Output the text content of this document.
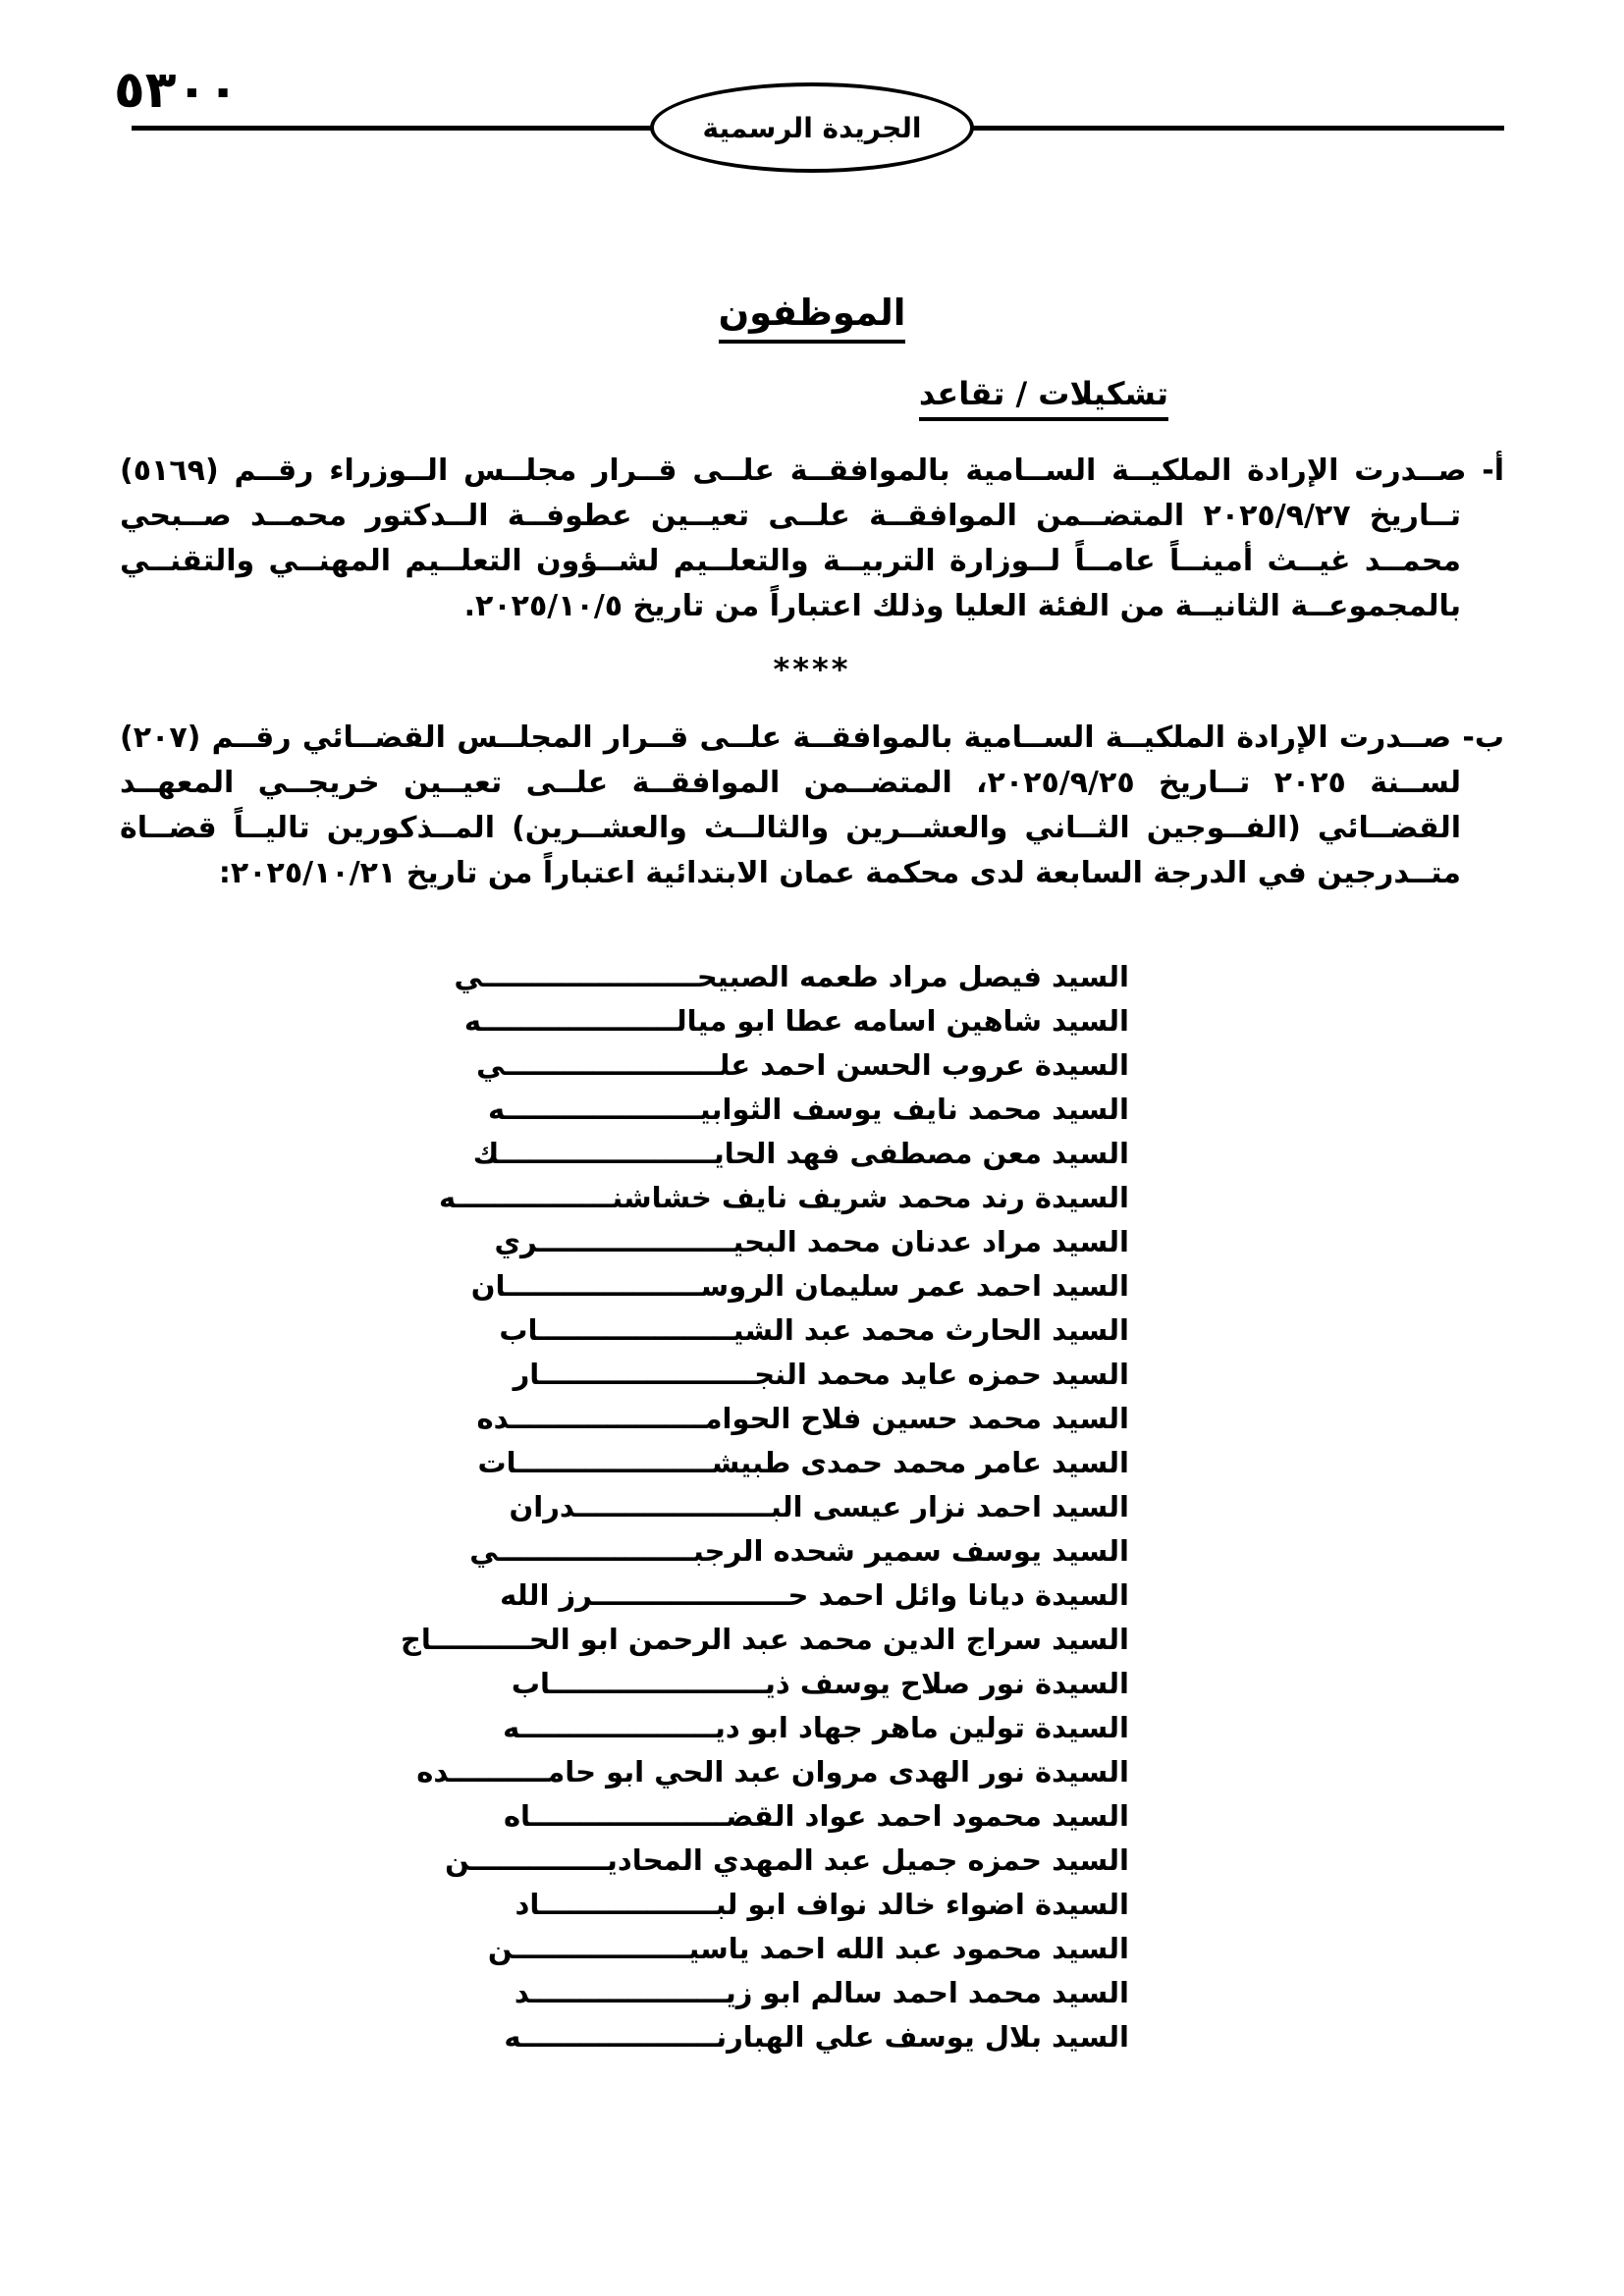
٥٣٠٠
الجريدة الرسمية
الموظفون
تشكيلات / تقاعد

أ- صــدرت الإرادة الملكيــة الســامية بالموافقــة علــى قــرار مجلــس الــوزراء رقــم (٥١٦٩) تــاريخ ٢٠٢٥/٩/٢٧ المتضــمن الموافقــة علــى تعيــين عطوفــة الــدكتور محمــد صــبحي محمــد غيــث أمينــاً عامــاً لــوزارة التربيــة والتعلــيم لشــؤون التعلــيم المهنــي والتقنــي بالمجموعــة الثانيــة من الفئة العليا وذلك اعتباراً من تاريخ ٢٠٢٥/١٠/٥.

****

ب- صــدرت الإرادة الملكيــة الســامية بالموافقــة علــى قــرار المجلــس القضــائي رقــم (٢٠٧) لســنة ٢٠٢٥ تــاريخ ٢٠٢٥/٩/٢٥، المتضــمن الموافقــة علــى تعيــين خريجــي المعهــد القضــائي (الفــوجين الثــاني والعشــرين والثالــث والعشــرين) المــذكورين تاليــاً قضــاة متــدرجين في الدرجة السابعة لدى محكمة عمان الابتدائية اعتباراً من تاريخ ٢٠٢٥/١٠/٢١:

السيد فيصل مراد طعمه الصبيحــــــــــــــــــــــي
السيد شاهين اسامه عطا ابو ميالــــــــــــــــــــه
السيدة عروب الحسن احمد علــــــــــــــــــــــي
السيد محمد نايف يوسف الثوابيــــــــــــــــــــه
السيد معن مصطفى فهد الحايــــــــــــــــــــــك
السيدة رند محمد شريف نايف خشاشنــــــــــــــــه
السيد مراد عدنان محمد البحيــــــــــــــــــــري
السيد احمد عمر سليمان الروســــــــــــــــــــان
السيد الحارث محمد عبد الشيــــــــــــــــــــاب
السيد حمزه عايد محمد النجــــــــــــــــــــــار
السيد محمد حسين فلاح الحوامــــــــــــــــــــده
السيد عامر محمد حمدى طبيشــــــــــــــــــــات
السيد احمد نزار عيسى البــــــــــــــــــــدران
السيد يوسف سمير شحده الرجبــــــــــــــــــــي
السيدة ديانا وائل احمد حــــــــــــــــــــرز الله
السيد سراج الدين محمد عبد الرحمن ابو الحــــــــــاج
السيدة نور صلاح يوسف ذيــــــــــــــــــــــاب
السيدة تولين ماهر جهاد ابو ديــــــــــــــــــــه
السيدة نور الهدى مروان عبد الحي ابو حامــــــــــده
السيد محمود احمد عواد القضــــــــــــــــــــاه
السيد حمزه جميل عبد المهدي المحاديــــــــــــــن
السيدة اضواء خالد نواف ابو لبــــــــــــــــــاد
السيد محمود عبد الله احمد ياسيــــــــــــــــــن
السيد محمد احمد سالم ابو زيــــــــــــــــــــد
السيد بلال يوسف علي الهبارنــــــــــــــــــــه
